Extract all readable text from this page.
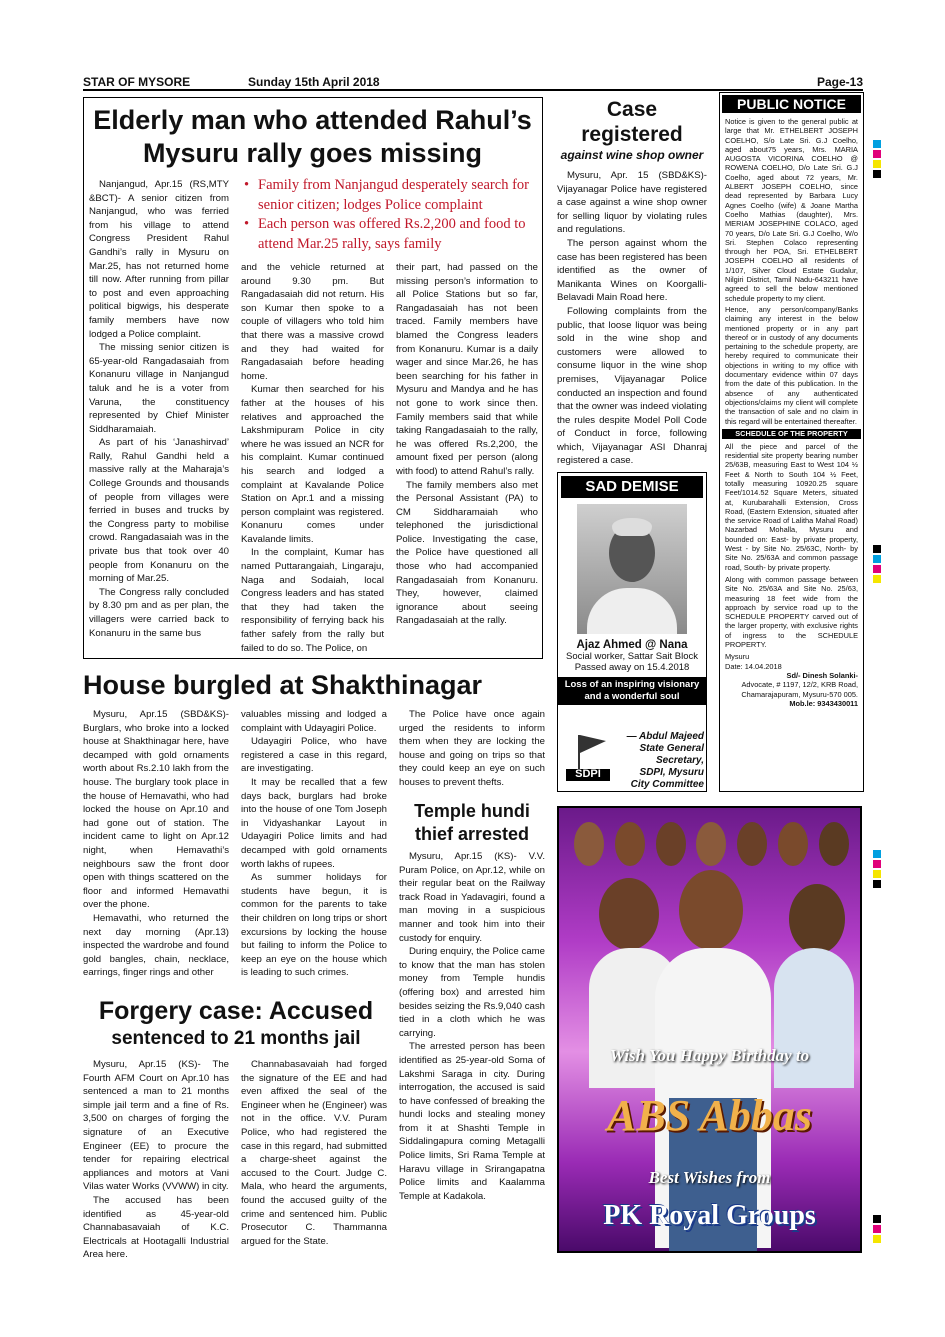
STAR OF MYSORE	Sunday 15th April 2018	Page-13
Elderly man who attended Rahul’s
Mysuru rally goes missing

Nanjangud, Apr.15 (RS,MTY &BCT)- A senior citizen from Nanjangud, who was ferried from his village to attend Congress President Rahul Gandhi’s rally in Mysuru on Mar.25, has not returned home till now. After running from pillar to post and even approaching political bigwigs, his desperate family members have now lodged a Police complaint.

The missing senior citizen is 65-year-old Rangadasaiah from Konanuru village in Nanjangud taluk and he is a voter from Varuna, the constituency represented by Chief Minister Siddharamaiah.

As part of his ‘Janashirvad’ Rally, Rahul Gandhi held a massive rally at the Maharaja’s College Grounds and thousands of people from villages were ferried in buses and trucks by the Congress party to mobilise crowd. Rangadasaiah was in the private bus that took over 40 people from Konanuru on the morning of Mar.25.

The Congress rally concluded by 8.30 pm and as per plan, the villagers were carried back to Konanuru in the same bus

• Family from Nanjangud desperately search for senior citizen; lodges Police complaint
• Each person was offered Rs.2,200 and food to attend Mar.25 rally, says family

and the vehicle returned at around 9.30 pm. But Rangadasaiah did not return. His son Kumar then spoke to a couple of villagers who told him that there was a massive crowd and they had waited for Rangadasaiah before heading home.

Kumar then searched for his father at the houses of his relatives and approached the Lakshmipuram Police in city where he was issued an NCR for his complaint. Kumar continued his search and lodged a complaint at Kavalande Police Station on Apr.1 and a missing person complaint was registered. Konanuru comes under Kavalande limits.

In the complaint, Kumar has named Puttarangaiah, Lingaraju, Naga and Sodaiah, local Congress leaders and has stated that they had taken the responsibility of ferrying back his father safely from the rally but failed to do so. The Police, on

their part, had passed on the missing person’s information to all Police Stations but so far, Rangadasaiah has not been traced. Family members have blamed the Congress leaders from Konanuru. Kumar is a daily wager and since Mar.26, he has been searching for his father in Mysuru and Mandya and he has not gone to work since then. Family members said that while taking Rangadasaiah to the rally, he was offered Rs.2,200, the amount fixed per person (along with food) to attend Rahul’s rally.

The family members also met the Personal Assistant (PA) to CM Siddharamaiah who telephoned the jurisdictional Police. Investigating the case, the Police have questioned all those who had accompanied Rangadasaiah from Konanuru. They, however, claimed ignorance about seeing Rangadasaiah at the rally.

Case registered
against wine shop owner

Mysuru, Apr. 15 (SBD&KS)- Vijayanagar Police have registered a case against a wine shop owner for selling liquor by violating rules and regulations.

The person against whom the case has been registered has been identified as the owner of Manikanta Wines on Koorgalli-Belavadi Main Road here.

Following complaints from the public, that loose liquor was being sold in the wine shop and customers were allowed to consume liquor in the wine shop premises, Vijayanagar Police conducted an inspection and found that the owner was indeed violating the rules despite Model Poll Code of Conduct in force, following which, Vijayanagar ASI Dhanraj registered a case.

SAD DEMISE
Ajaz Ahmed @ Nana
Social worker, Sattar Sait Block
Passed away on 15.4.2018
Loss of an inspiring visionary
and a wonderful soul
SDPI
— Abdul Majeed
State General
Secretary,
SDPI, Mysuru
City Committee
PUBLIC NOTICE

Notice is given to the general public at large that Mr. ETHELBERT JOSEPH COELHO, S/o Late Sri. G.J Coelho, aged about75 years, Mrs. MARIA AUGOSTA VICORINA COELHO @ ROWENA COELHO, D/o Late Sri. G.J Coelho, aged about 72 years, Mr. ALBERT JOSEPH COELHO, since dead represented by Barbara Lucy Agnes Coelho (wife) & Joane Martha Coelho Mathias (daughter), Mrs. MERIAM JOSEPHINE COLACO, aged 70 years, D/o Late Sri. G.J Coelho, W/o Sri. Stephen Colaco representing through her POA, Sri. ETHELBERT JOSEPH COELHO all residents of 1/107, Silver Cloud Estate Gudalur, Nilgiri District, Tamil Nadu-643211 have agreed to sell the below mentioned schedule property to my client.

Hence, any person/company/Banks claiming any interest in the below mentioned property or in any part thereof or in custody of any documents pertaining to the schedule property, are hereby required to communicate their objections in writing to my office with documentary evidence within 07 days from the date of this publication. In the absence of any authenticated objections/claims my client will complete the transaction of sale and no claim in this regard will be entertained thereafter.

SCHEDULE OF THE PROPERTY

All the piece and parcel of the residential site property bearing number 25/63B, measuring East to West 104 ½ Feet & North to South 104 ½ Feet, totally measuring 10920.25 square Feet/1014.52 Square Meters, situated at, Kurubarahalli Extension, Cross Road, (Eastern Extension, situated after the service Road of Lalitha Mahal Road) Nazarbad Mohalla, Mysuru and bounded on: East- by private property, West - by Site No. 25/63C, North- by Site No. 25/63A and common passage road, South- by private property.

Along with common passage between Site No. 25/63A and Site No. 25/63, measuring 18 feet wide from the approach by service road up to the SCHEDULE PROPERTY carved out of the larger property, with exclusive rights of ingress to the SCHEDULE PROPERTY.

Mysuru
Date: 14.04.2018
Sd/- Dinesh Solanki-
Advocate, # 1197, 12/2, KRB Road,
Chamarajapuram, Mysuru-570 005.
Mob.le: 9343430011
House burgled at Shakthinagar

Mysuru, Apr.15 (SBD&KS)- Burglars, who broke into a locked house at Shakthinagar here, have decamped with gold ornaments worth about Rs.2.10 lakh from the house. The burglary took place in the house of Hemavathi, who had locked the house on Apr.10 and had gone out of station. The incident came to light on Apr.12 night, when Hemavathi’s neighbours saw the front door open with things scattered on the floor and informed Hemavathi over the phone.

Hemavathi, who returned the next day morning (Apr.13) inspected the wardrobe and found gold bangles, chain, necklace, earrings, finger rings and other

valuables missing and lodged a complaint with Udayagiri Police.

Udayagiri Police, who have registered a case in this regard, are investigating.

It may be recalled that a few days back, burglars had broke into the house of one Tom Joseph in Vidyashankar Layout in Udayagiri Police limits and had decamped with gold ornaments worth lakhs of rupees.

As summer holidays for students have begun, it is common for the parents to take their children on long trips or short excursions by locking the house but failing to inform the Police to keep an eye on the house which is leading to such crimes.

The Police have once again urged the residents to inform them when they are locking the house and going on trips so that they could keep an eye on such houses to prevent thefts.

Temple hundi
thief arrested

Mysuru, Apr.15 (KS)- V.V. Puram Police, on Apr.12, while on their regular beat on the Railway track Road in Yadavagiri, found a man moving in a suspicious manner and took him into their custody for enquiry.

During enquiry, the Police came to know that the man has stolen money from Temple hundis (offering box) and arrested him besides seizing the Rs.9,040 cash tied in a cloth which he was carrying.

The arrested person has been identified as 25-year-old Soma of Lakshmi Saraga in city. During interrogation, the accused is said to have confessed of breaking the hundi locks and stealing money from it at Shashti Temple in Siddalingapura coming Metagalli Police limits, Sri Rama Temple at Haravu village in Srirangapatna Police limits and Kaalamma Temple at Kadakola.

Forgery case: Accused
sentenced to 21 months jail

Mysuru, Apr.15 (KS)- The Fourth AFM Court on Apr.10 has sentenced a man to 21 months simple jail term and a fine of Rs. 3,500 on charges of forging the signature of an Executive Engineer (EE) to procure the tender for repairing electrical appliances and motors at Vani Vilas water Works (VVWW) in city.

The accused has been identified as 45-year-old Channabasavaiah of K.C. Electricals at Hootagalli Industrial Area here.

Channabasavaiah had forged the signature of the EE and had even affixed the seal of the Engineer when he (Engineer) was not in the office. V.V. Puram Police, who had registered the case in this regard, had submitted a charge-sheet against the accused to the Court. Judge C. Mala, who heard the arguments, found the accused guilty of the crime and sentenced him. Public Prosecutor C. Thammanna argued for the State.

Wish You Happy Birthday to
ABS Abbas
Best Wishes from
PK Royal Groups
